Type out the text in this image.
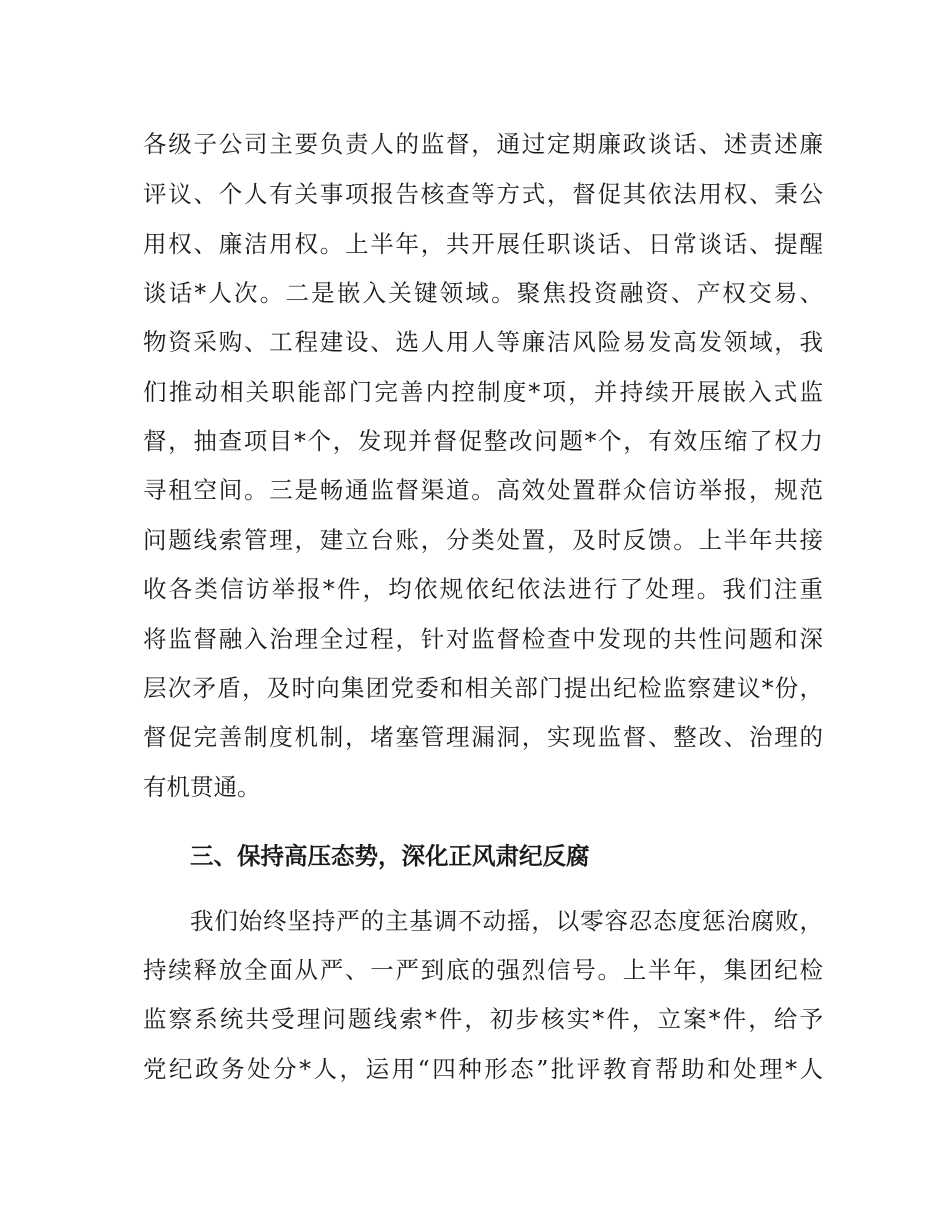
各级子公司主要负责人的监督，通过定期廉政谈话、述责述廉
评议、个人有关事项报告核查等方式，督促其依法用权、秉公
用权、廉洁用权。上半年，共开展任职谈话、日常谈话、提醒
谈话*人次。二是嵌入关键领域。聚焦投资融资、产权交易、
物资采购、工程建设、选人用人等廉洁风险易发高发领域，我
们推动相关职能部门完善内控制度*项，并持续开展嵌入式监
督，抽查项目*个，发现并督促整改问题*个，有效压缩了权力
寻租空间。三是畅通监督渠道。高效处置群众信访举报，规范
问题线索管理，建立台账，分类处置，及时反馈。上半年共接
收各类信访举报*件，均依规依纪依法进行了处理。我们注重
将监督融入治理全过程，针对监督检查中发现的共性问题和深
层次矛盾，及时向集团党委和相关部门提出纪检监察建议*份，
督促完善制度机制，堵塞管理漏洞，实现监督、整改、治理的
有机贯通。
三、保持高压态势，深化正风肃纪反腐
我们始终坚持严的主基调不动摇，以零容忍态度惩治腐败，
持续释放全面从严、一严到底的强烈信号。上半年，集团纪检
监察系统共受理问题线索*件，初步核实*件，立案*件，给予
党纪政务处分*人，运用“四种形态”批评教育帮助和处理*人
